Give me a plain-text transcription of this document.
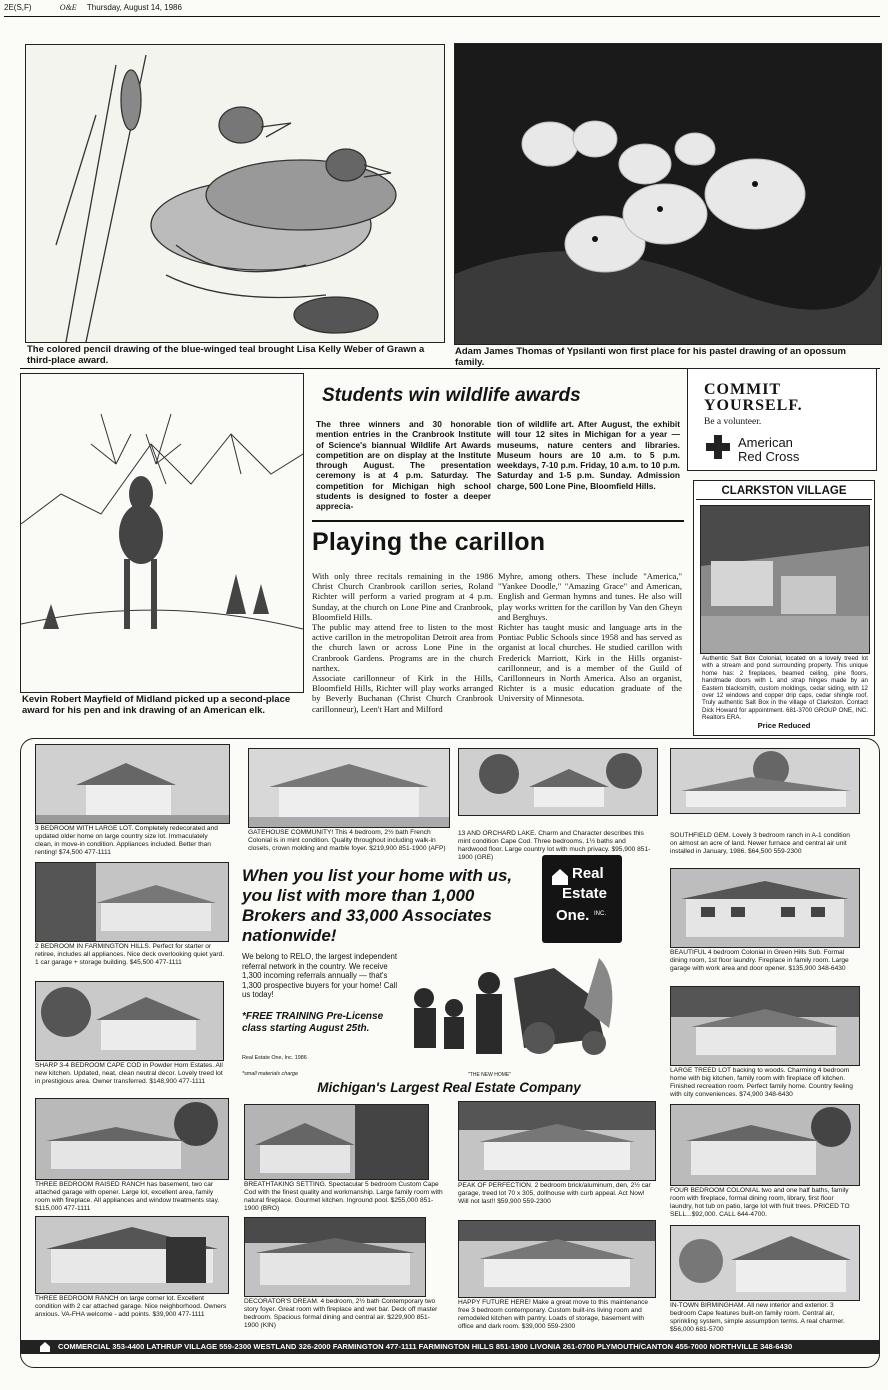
2E(S,F)	O&E Thursday, August 14, 1986
The colored pencil drawing of the blue-winged teal brought Lisa Kelly Weber of Grawn a third-place award.
Adam James Thomas of Ypsilanti won first place for his pastel drawing of an opossum family.
Kevin Robert Mayfield of Midland picked up a second-place award for his pen and ink drawing of an American elk.
Students win wildlife awards
The three winners and 30 honorable mention entries in the Cranbrook Institute of Science's biannual Wildlife Art Awards competition are on display at the Institute through August. The presentation ceremony is at 4 p.m. Saturday. The competition for Michigan high school students is designed to foster a deeper apprecia-
tion of wildlife art. After August, the exhibit will tour 12 sites in Michigan for a year — museums, nature centers and libraries. Museum hours are 10 a.m. to 5 p.m. weekdays, 7-10 p.m. Friday, 10 a.m. to 10 p.m. Saturday and 1-5 p.m. Sunday. Admission charge, 500 Lone Pine, Bloomfield Hills.
Playing the carillon
With only three recitals remaining in the 1986 Christ Church Cranbrook carillon series, Roland Richter will perform a varied program at 4 p.m. Sunday, at the church on Lone Pine and Cranbrook, Bloomfield Hills.
The public may attend free to listen to the most active carillon in the metropolitan Detroit area from the church lawn or across Lone Pine in the Cranbrook Gardens. Programs are in the church narthex.
Associate carillonneur of Kirk in the Hills, Bloomfield Hills, Richter will play works arranged by Beverly Buchanan (Christ Church Cranbrook carillonneur), Leen't Hart and Milford
Myhre, among others. These include "America," "Yankee Doodle," "Amazing Grace" and American, English and German hymns and tunes. He also will play works written for the carillon by Van den Gheyn and Berghuys.
Richter has taught music and language arts in the Pontiac Public Schools since 1958 and has served as organist at local churches. He studied carillon with Frederick Marriott, Kirk in the Hills organist-carillonneur, and is a member of the Guild of Carillonneurs in North America. Also an organist, Richter is a music education graduate of the University of Minnesota.
COMMIT
YOURSELF.
Be a volunteer.
American
Red Cross
CLARKSTON VILLAGE
Authentic Salt Box Colonial, located on a lovely treed lot with a stream and pond surrounding property. This unique home has: 2 fireplaces, beamed ceiling, pine floors, handmade doors with L and strap hinges made by an Eastern blacksmith, custom moldings, cedar siding, with 12 over 12 windows and copper drip caps, cedar shingle roof. Truly authentic Salt Box in the village of Clarkston. Contact Dick Howard for appointment. 681-3700 GROUP ONE, INC. Realtors ERA.
Price Reduced
3 BEDROOM WITH LARGE LOT. Completely redecorated and updated older home on large country size lot. Immaculately clean, in move-in condition. Appliances included. Better than renting! $74,500 477-1111
GATEHOUSE COMMUNITY! This 4 bedroom, 2½ bath French Colonial is in mint condition. Quality throughout including walk-in closets, crown molding and marble foyer. $219,900 851-1900 (AFP)
13 AND ORCHARD LAKE. Charm and Character describes this mint condition Cape Cod. Three bedrooms, 1½ baths and hardwood floor. Large country lot with much privacy. $95,900 851-1900 (GRE)
SOUTHFIELD GEM. Lovely 3 bedroom ranch in A-1 condition on almost an acre of land. Newer furnace and central air unit installed in January, 1986. $64,500 559-2300
2 BEDROOM IN FARMINGTON HILLS. Perfect for starter or retiree, includes all appliances. Nice deck overlooking quiet yard. 1 car garage + storage building. $45,500 477-1111
BEAUTIFUL 4 bedroom Colonial in Green Hills Sub. Formal dining room, 1st floor laundry. Fireplace in family room. Large garage with work area and door opener. $135,900 348-6430
SHARP 3-4 BEDROOM CAPE COD in Powder Horn Estates. All new kitchen. Updated, neat, clean neutral decor. Lovely treed lot in prestigious area. Owner transferred. $148,900 477-1111
LARGE TREED LOT backing to woods. Charming 4 bedroom home with big kitchen, family room with fireplace off kitchen. Finished recreation room. Perfect family home. Country feeling with city conveniences. $74,900 348-6430
THREE BEDROOM RAISED RANCH has basement, two car attached garage with opener. Large lot, excellent area, family room with fireplace. All appliances and window treatments stay. $115,000 477-1111
BREATHTAKING SETTING. Spectacular 5 bedroom Custom Cape Cod with the finest quality and workmanship. Large family room with natural fireplace. Gourmet kitchen. Inground pool. $255,000 851-1900 (BRO)
PEAK OF PERFECTION. 2 bedroom brick/aluminum, den, 2½ car garage, treed lot 70 x 305, dollhouse with curb appeal. Act Now! Will not last!! $59,900 559-2300
FOUR BEDROOM COLONIAL two and one half baths, family room with fireplace, formal dining room, library, first floor laundry, hot tub on patio, large lot with fruit trees. PRICED TO SELL...$92,000. CALL 644-4700.
THREE BEDROOM RANCH on large corner lot. Excellent condition with 2 car attached garage. Nice neighborhood. Owners anxious. VA-FHA welcome - add points. $39,900 477-1111
DECORATOR'S DREAM. 4 bedroom, 2½ bath Contemporary two story foyer. Great room with fireplace and wet bar. Deck off master bedroom. Spacious formal dining and central air. $229,900 851-1900 (KIN)
HAPPY FUTURE HERE! Make a great move to this maintenance free 3 bedroom contemporary. Custom built-ins living room and remodeled kitchen with pantry. Loads of storage, basement with office and dark room. $39,000 559-2300
IN-TOWN BIRMINGHAM. All new interior and exterior. 3 bedroom Cape features built-on family room. Central air, sprinkling system, simple assumption terms. A real charmer. $56,000 681-5700
When you list your home with us, you list with more than 1,000 Brokers and 33,000 Associates nationwide!
We belong to RELO, the largest independent referral network in the country. We receive 1,300 incoming referrals annually — that's 1,300 prospective buyers for your home! Call us today!
*FREE TRAINING Pre-License class starting August 25th.
Real Estate One, Inc. 1986
*small materials charge
Real
Estate
One. INC.
"THE NEW HOME"
Michigan's Largest Real Estate Company
COMMERCIAL 353-4400 LATHRUP VILLAGE 559-2300 WESTLAND 326-2000 FARMINGTON 477-1111 FARMINGTON HILLS 851-1900 LIVONIA 261-0700 PLYMOUTH/CANTON 455-7000 NORTHVILLE 348-6430
